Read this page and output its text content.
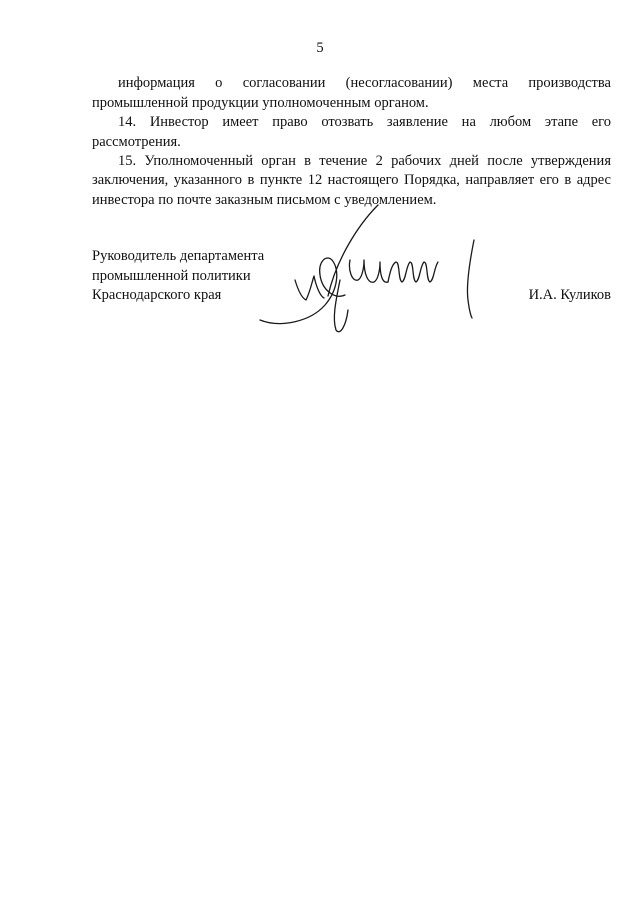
5
информация о согласовании (несогласовании) места производства
промышленной продукции уполномоченным органом.
14. Инвестор имеет право отозвать заявление на любом этапе его
рассмотрения.
15. Уполномоченный орган в течение 2 рабочих дней после утверждения
заключения, указанного в пункте 12 настоящего Порядка, направляет его в адрес
инвестора по почте заказным письмом с уведомлением.
Руководитель департамента
промышленной политики
Краснодарского края	И.А. Куликов
